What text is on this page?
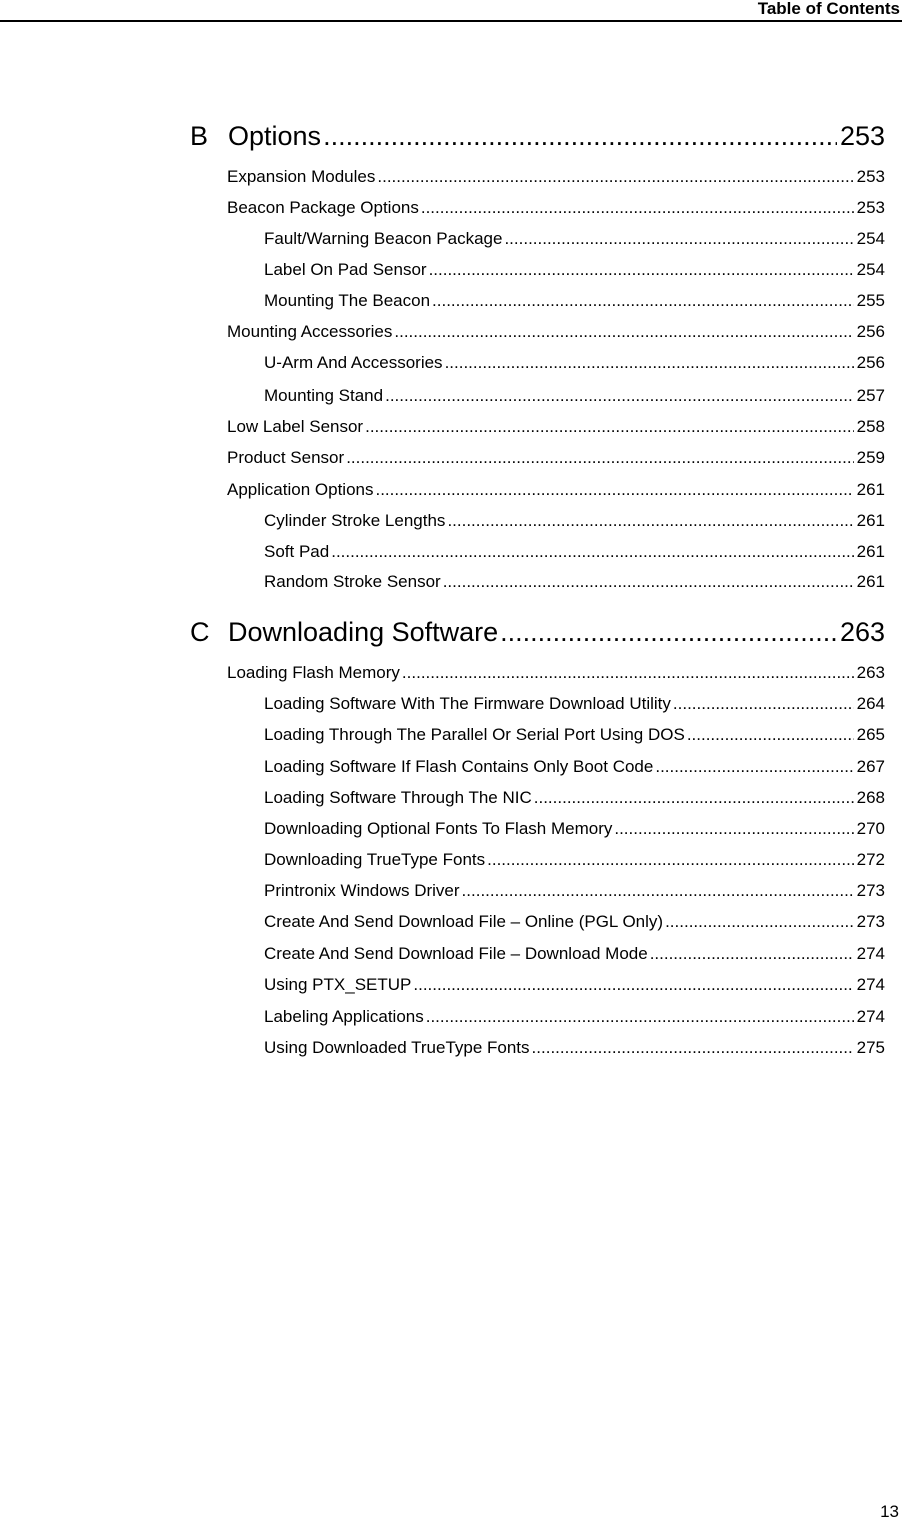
Table of Contents
B Options .....	253
Expansion Modules .....	253
Beacon Package Options .....	253
Fault/Warning Beacon Package .....	254
Label On Pad Sensor .....	254
Mounting The Beacon .....	255
Mounting Accessories .....	256
U-Arm And Accessories .....	256
Mounting Stand .....	257
Low Label Sensor .....	258
Product Sensor .....	259
Application Options .....	261
Cylinder Stroke Lengths .....	261
Soft Pad .....	261
Random Stroke Sensor .....	261
C Downloading Software .....	263
Loading Flash Memory .....	263
Loading Software With The Firmware Download Utility .....	264
Loading Through The Parallel Or Serial Port Using DOS .....	265
Loading Software If Flash Contains Only Boot Code .....	267
Loading Software Through The NIC .....	268
Downloading Optional Fonts To Flash Memory .....	270
Downloading TrueType Fonts .....	272
Printronix Windows Driver .....	273
Create And Send Download File – Online (PGL Only) .....	273
Create And Send Download File – Download Mode .....	274
Using PTX_SETUP .....	274
Labeling Applications .....	274
Using Downloaded TrueType Fonts .....	275
13
